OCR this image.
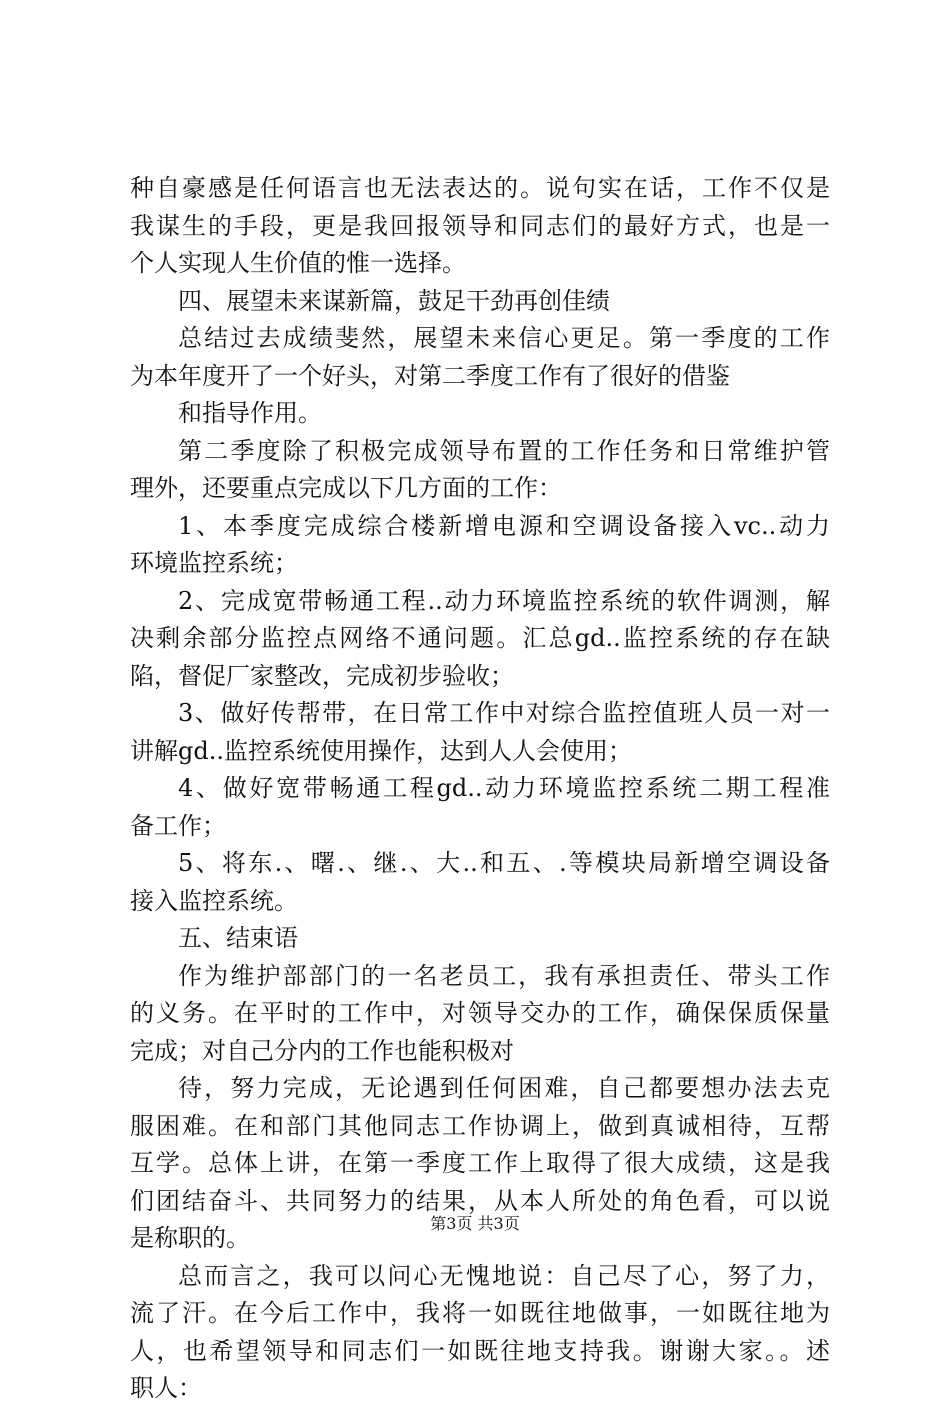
种自豪感是任何语言也无法表达的。说句实在话，工作不仅是
我谋生的手段，更是我回报领导和同志们的最好方式，也是一
个人实现人生价值的惟一选择。
四、展望未来谋新篇，鼓足干劲再创佳绩
总结过去成绩斐然，展望未来信心更足。第一季度的工作
为本年度开了一个好头，对第二季度工作有了很好的借鉴
和指导作用。
第二季度除了积极完成领导布置的工作任务和日常维护管
理外，还要重点完成以下几方面的工作：
1、本季度完成综合楼新增电源和空调设备接入vc..动力
环境监控系统；
2、完成宽带畅通工程..动力环境监控系统的软件调测，解
决剩余部分监控点网络不通问题。汇总gd..监控系统的存在缺
陷，督促厂家整改，完成初步验收；
3、做好传帮带，在日常工作中对综合监控值班人员一对一
讲解gd..监控系统使用操作，达到人人会使用；
4、做好宽带畅通工程gd..动力环境监控系统二期工程准
备工作；
5、将东.、曙.、继.、大..和五、.等模块局新增空调设备
接入监控系统。
五、结束语
作为维护部部门的一名老员工，我有承担责任、带头工作
的义务。在平时的工作中，对领导交办的工作，确保保质保量
完成；对自己分内的工作也能积极对
待，努力完成，无论遇到任何困难，自己都要想办法去克
服困难。在和部门其他同志工作协调上，做到真诚相待，互帮
互学。总体上讲，在第一季度工作上取得了很大成绩，这是我
们团结奋斗、共同努力的结果，从本人所处的角色看，可以说
是称职的。
总而言之，我可以问心无愧地说：自己尽了心，努了力，
流了汗。在今后工作中，我将一如既往地做事，一如既往地为
人，也希望领导和同志们一如既往地支持我。谢谢大家。。述
职人：
第3页 共3页
